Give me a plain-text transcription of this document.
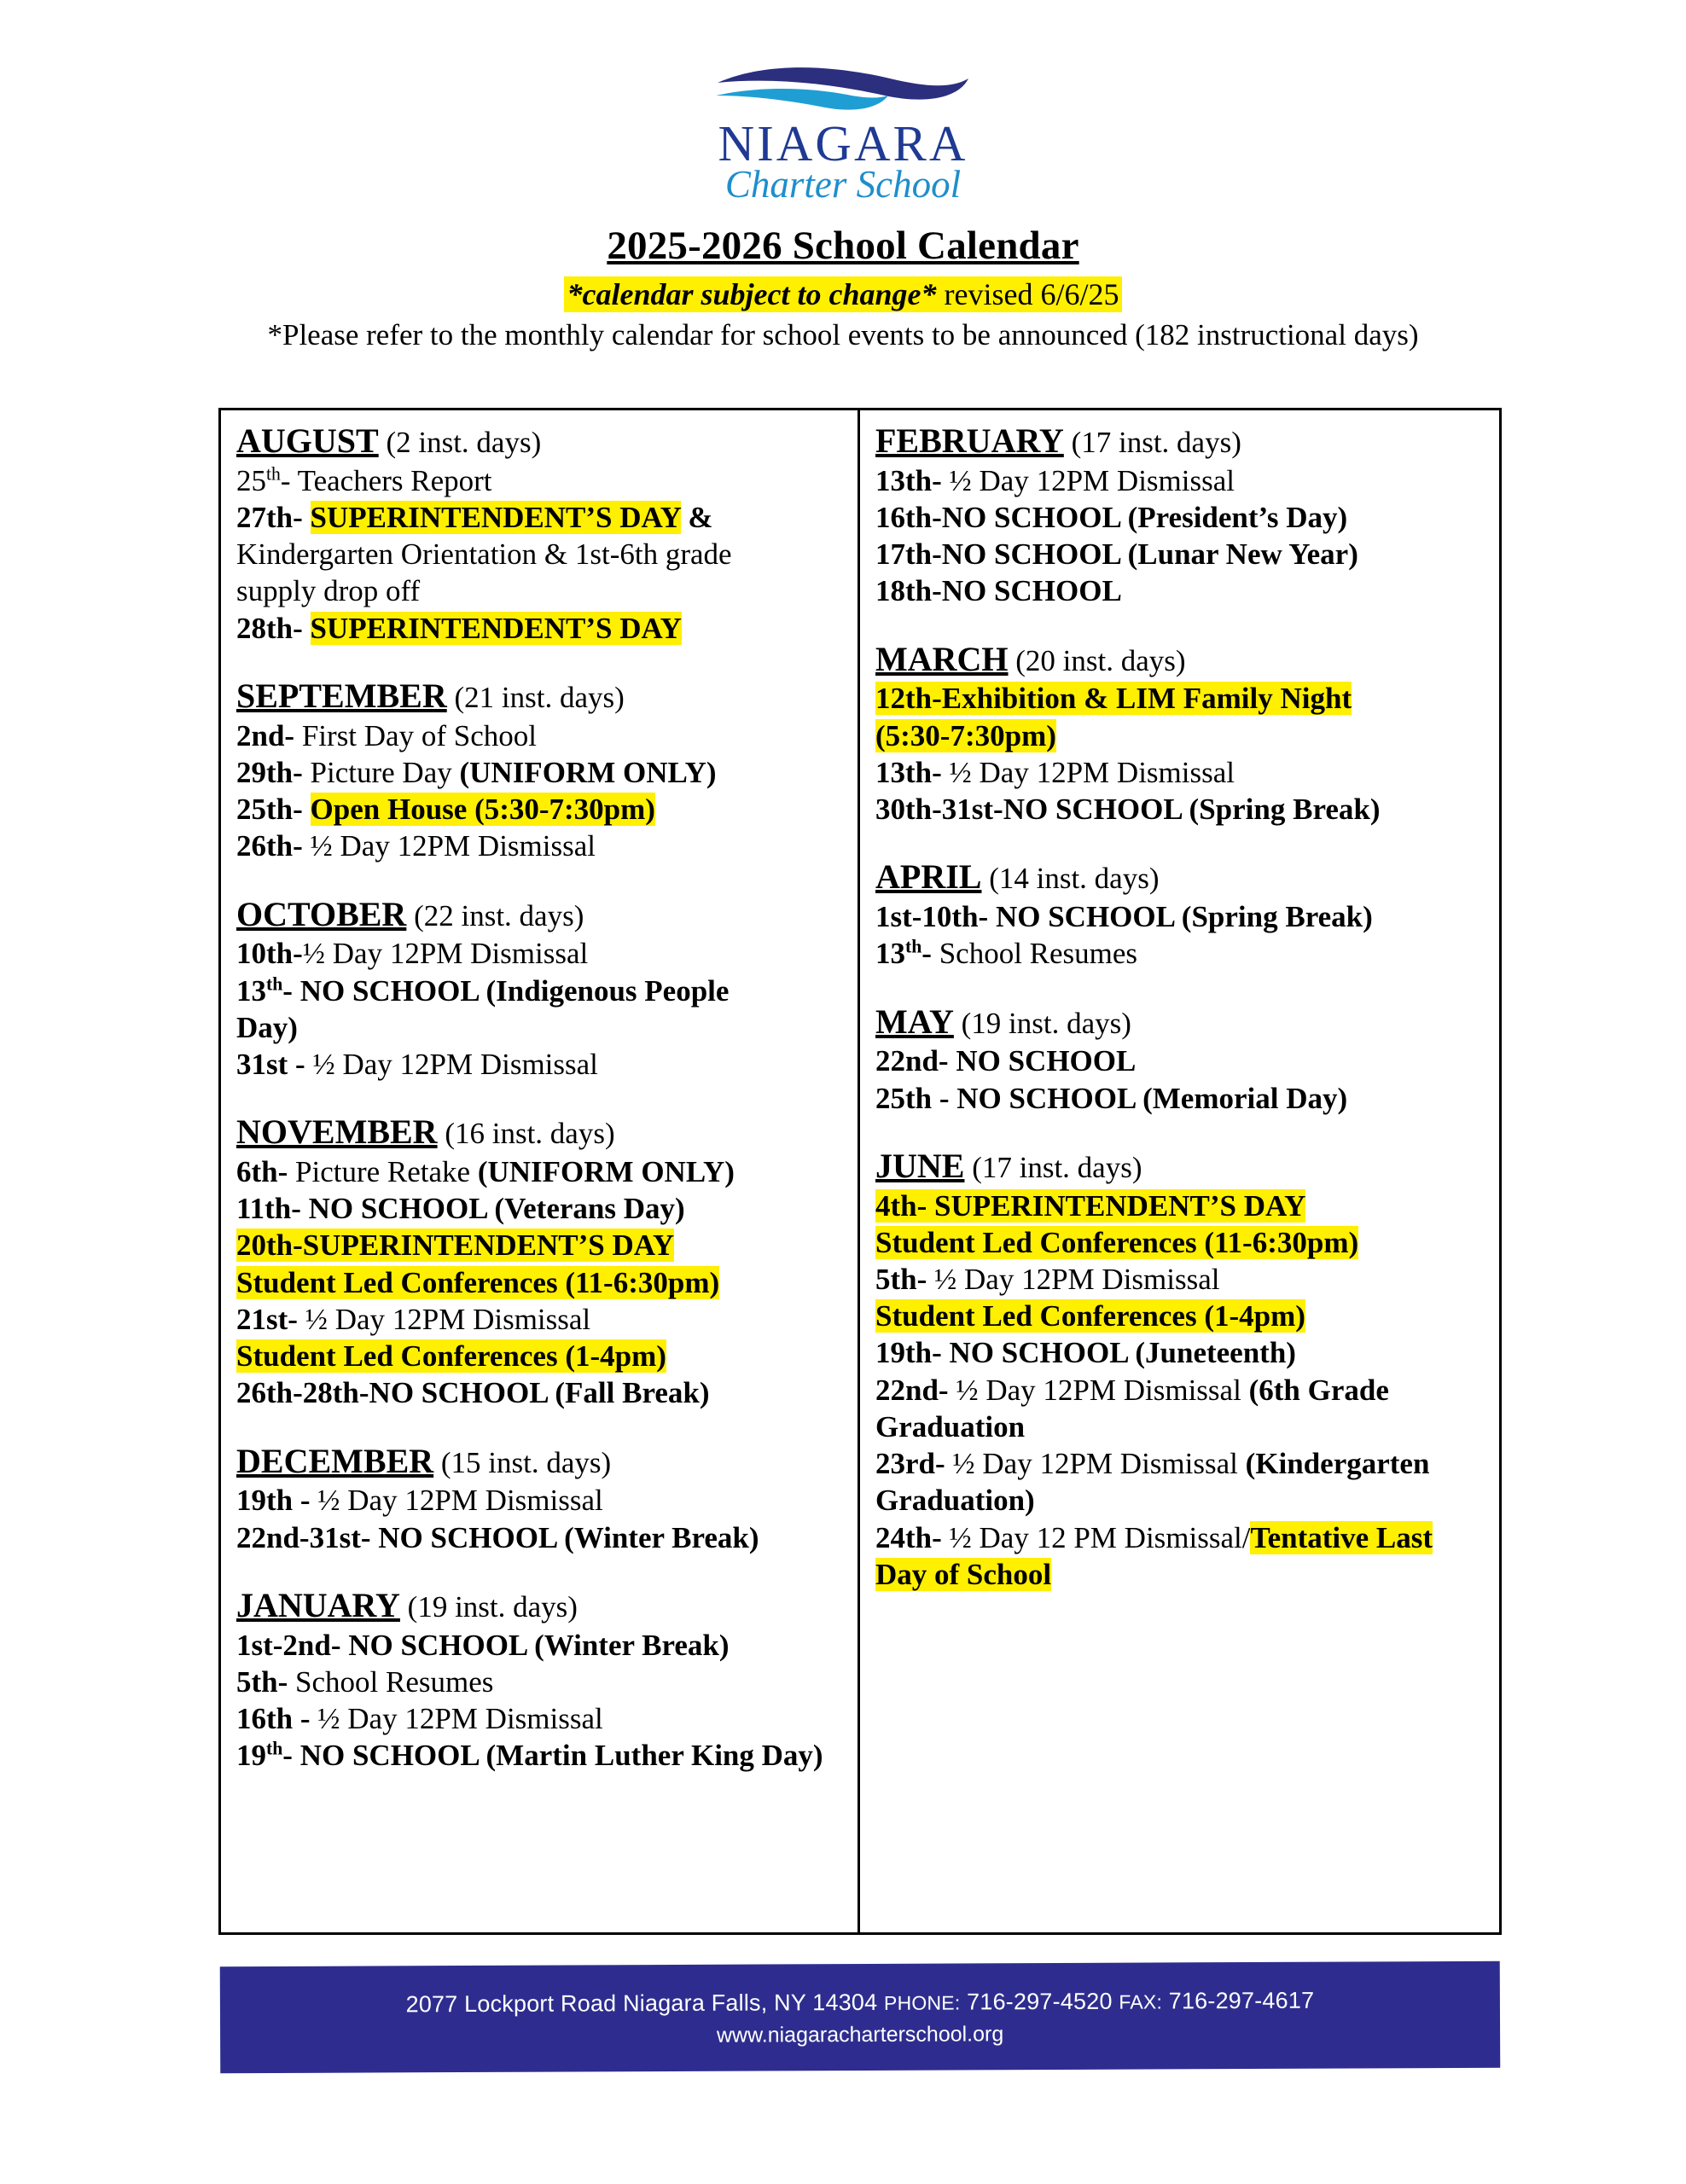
NIAGARA
Charter School
2025-2026 School Calendar
*calendar subject to change* revised 6/6/25
*Please refer to the monthly calendar for school events to be announced (182 instructional days)
AUGUST (2 inst. days)
25th- Teachers Report
27th- SUPERINTENDENT’S DAY &
Kindergarten Orientation & 1st-6th grade
supply drop off
28th- SUPERINTENDENT’S DAY
SEPTEMBER (21 inst. days)
2nd- First Day of School
29th- Picture Day (UNIFORM ONLY)
25th- Open House (5:30-7:30pm)
26th- ½ Day 12PM Dismissal
OCTOBER (22 inst. days)
10th-½ Day 12PM Dismissal
13th- NO SCHOOL (Indigenous People
Day)
31st - ½ Day 12PM Dismissal
NOVEMBER (16 inst. days)
6th- Picture Retake (UNIFORM ONLY)
11th- NO SCHOOL (Veterans Day)
20th-SUPERINTENDENT’S DAY
Student Led Conferences (11-6:30pm)
21st- ½ Day 12PM Dismissal
Student Led Conferences (1-4pm)
26th-28th-NO SCHOOL (Fall Break)
DECEMBER (15 inst. days)
19th - ½ Day 12PM Dismissal
22nd-31st- NO SCHOOL (Winter Break)
JANUARY (19 inst. days)
1st-2nd- NO SCHOOL (Winter Break)
5th- School Resumes
16th - ½ Day 12PM Dismissal
19th- NO SCHOOL (Martin Luther King Day)
FEBRUARY (17 inst. days)
13th- ½ Day 12PM Dismissal
16th-NO SCHOOL (President’s Day)
17th-NO SCHOOL (Lunar New Year)
18th-NO SCHOOL
MARCH (20 inst. days)
12th-Exhibition & LIM Family Night
(5:30-7:30pm)
13th- ½ Day 12PM Dismissal
30th-31st-NO SCHOOL (Spring Break)
APRIL (14 inst. days)
1st-10th- NO SCHOOL (Spring Break)
13th- School Resumes
MAY (19 inst. days)
22nd- NO SCHOOL
25th - NO SCHOOL (Memorial Day)
JUNE (17 inst. days)
4th- SUPERINTENDENT’S DAY
Student Led Conferences (11-6:30pm)
5th- ½ Day 12PM Dismissal
Student Led Conferences (1-4pm)
19th- NO SCHOOL (Juneteenth)
22nd- ½ Day 12PM Dismissal (6th Grade
Graduation
23rd- ½ Day 12PM Dismissal (Kindergarten
Graduation)
24th- ½ Day 12 PM Dismissal/Tentative Last
Day of School
2077 Lockport Road Niagara Falls, NY 14304 PHONE: 716-297-4520 FAX: 716-297-4617
www.niagaracharterschool.org
